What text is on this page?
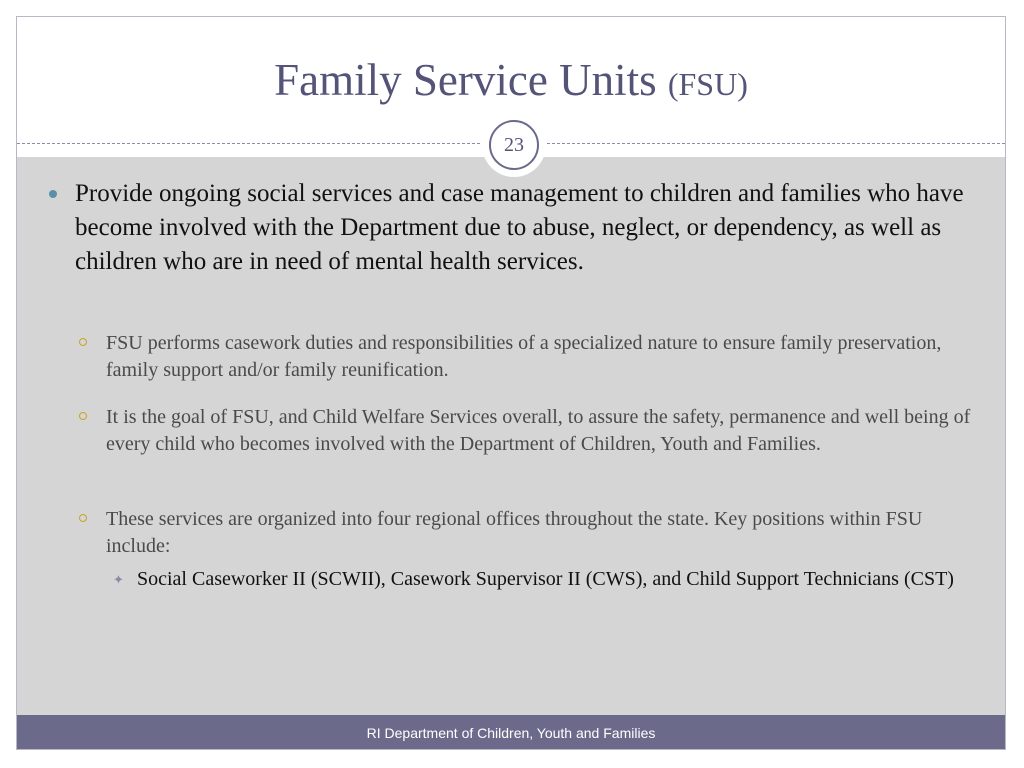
Family Service Units (FSU)
23
Provide ongoing social services and case management to children and families who have become involved with the Department due to abuse, neglect, or dependency, as well as children who are in need of mental health services.
FSU performs casework duties and responsibilities of a specialized nature to ensure family preservation, family support and/or family reunification.
It is the goal of FSU, and Child Welfare Services overall, to assure the safety, permanence and well being of every child who becomes involved with the Department of Children, Youth and Families.
These services are organized into four regional offices throughout the state. Key positions within FSU include:
✦ Social Caseworker II (SCWII), Casework Supervisor II (CWS), and Child Support Technicians (CST)
RI Department of Children, Youth and Families
